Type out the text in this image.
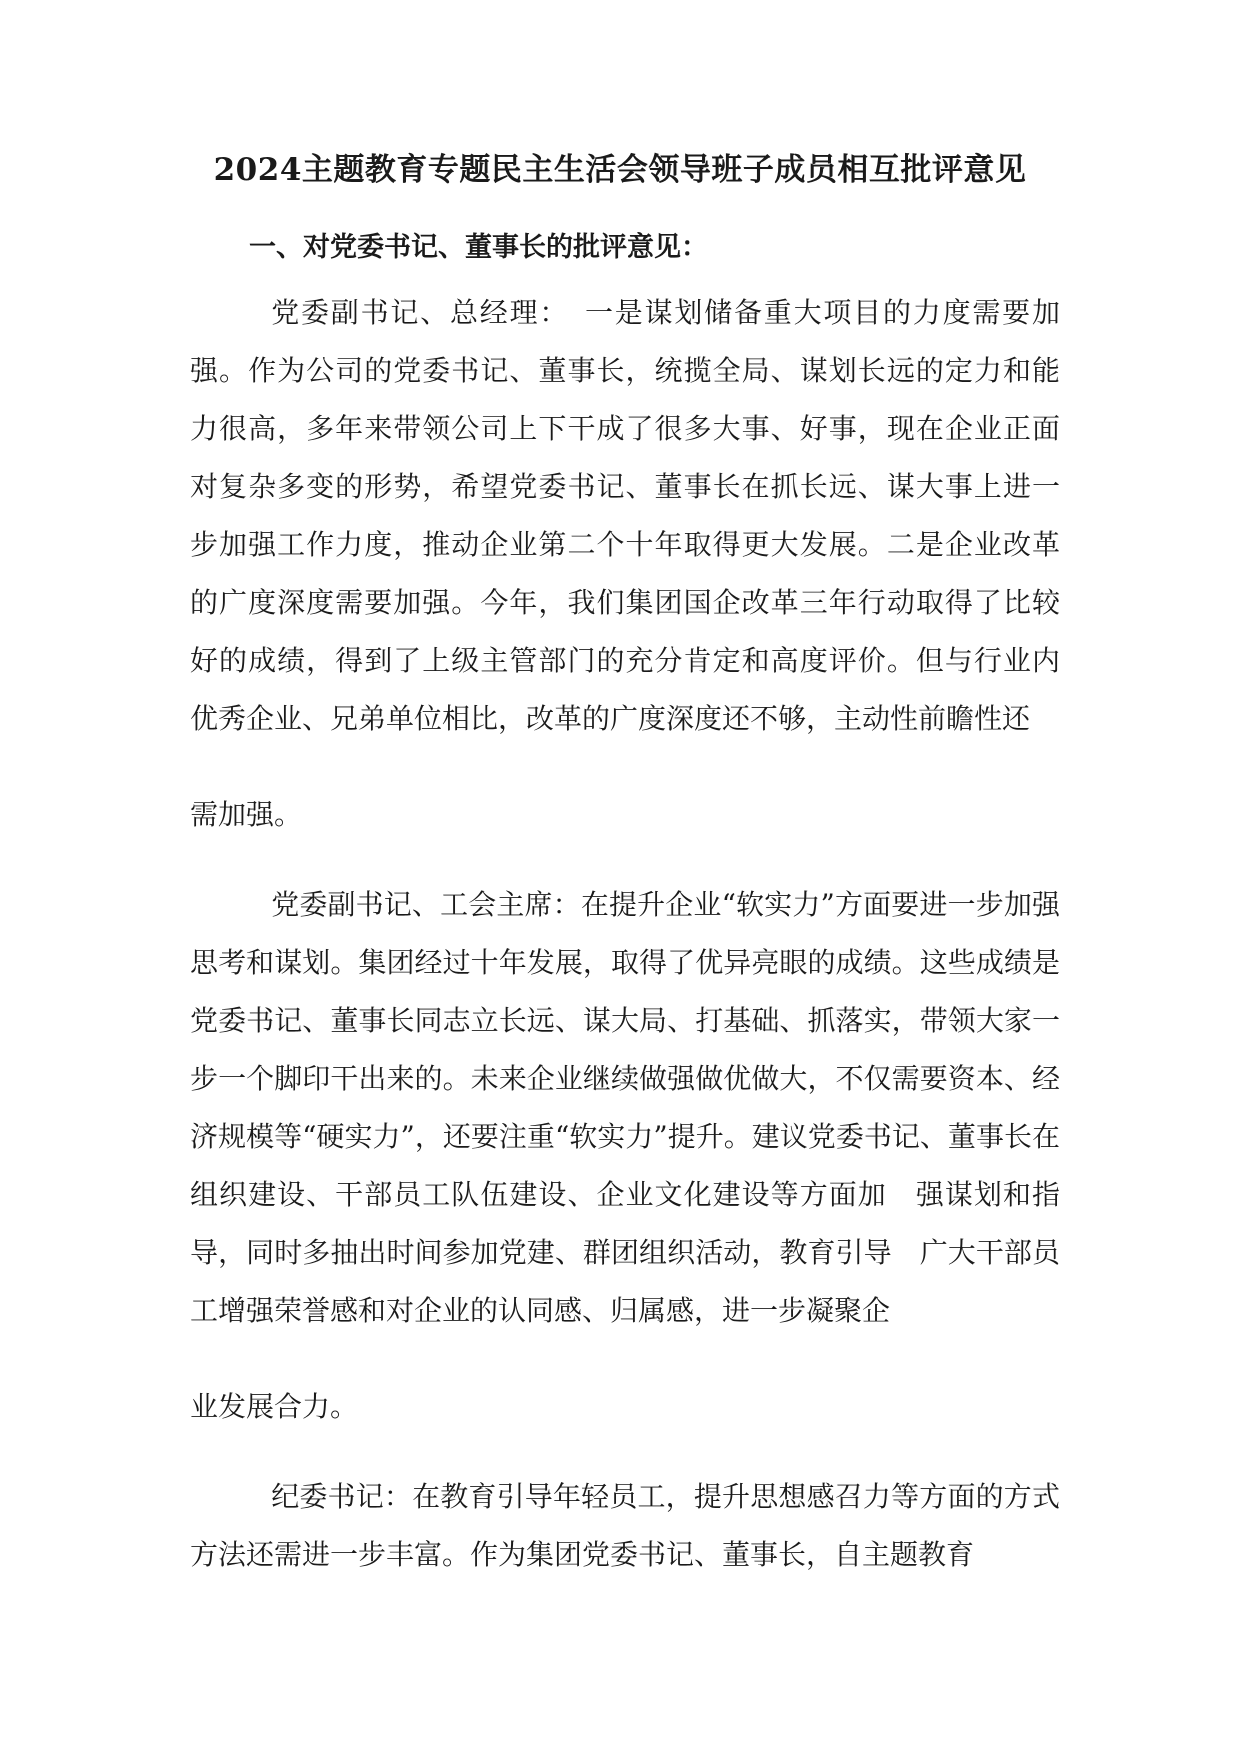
2024主题教育专题民主生活会领导班子成员相互批评意见
一、对党委书记、董事长的批评意见：

党委副书记、总经理：　一是谋划储备重大项目的力度需要加　强。作为公司的党委书记、董事长，统揽全局、谋划长远的定力和能　力很高，多年来带领公司上下干成了很多大事、好事，现在企业正面　对复杂多变的形势，希望党委书记、董事长在抓长远、谋大事上进一　步加强工作力度，推动企业第二个十年取得更大发展。二是企业改革　的广度深度需要加强。今年，我们集团国企改革三年行动取得了比较　好的成绩，得到了上级主管部门的充分肯定和高度评价。但与行业内　优秀企业、兄弟单位相比，改革的广度深度还不够，主动性前瞻性还

需加强。

党委副书记、工会主席：在提升企业“软实力”方面要进一步加强思考和谋划。集团经过十年发展，取得了优异亮眼的成绩。这些成绩是党委书记、董事长同志立长远、谋大局、打基础、抓落实，带领大家一步一个脚印干出来的。未来企业继续做强做优做大，不仅需要资本、经济规模等“硬实力”，还要注重“软实力”提升。建议党委书记、董事长在组织建设、干部员工队伍建设、企业文化建设等方面加　强谋划和指导，同时多抽出时间参加党建、群团组织活动，教育引导　广大干部员工增强荣誉感和对企业的认同感、归属感，进一步凝聚企

业发展合力。

纪委书记：在教育引导年轻员工，提升思想感召力等方面的方式方法还需进一步丰富。作为集团党委书记、董事长，自主题教育
